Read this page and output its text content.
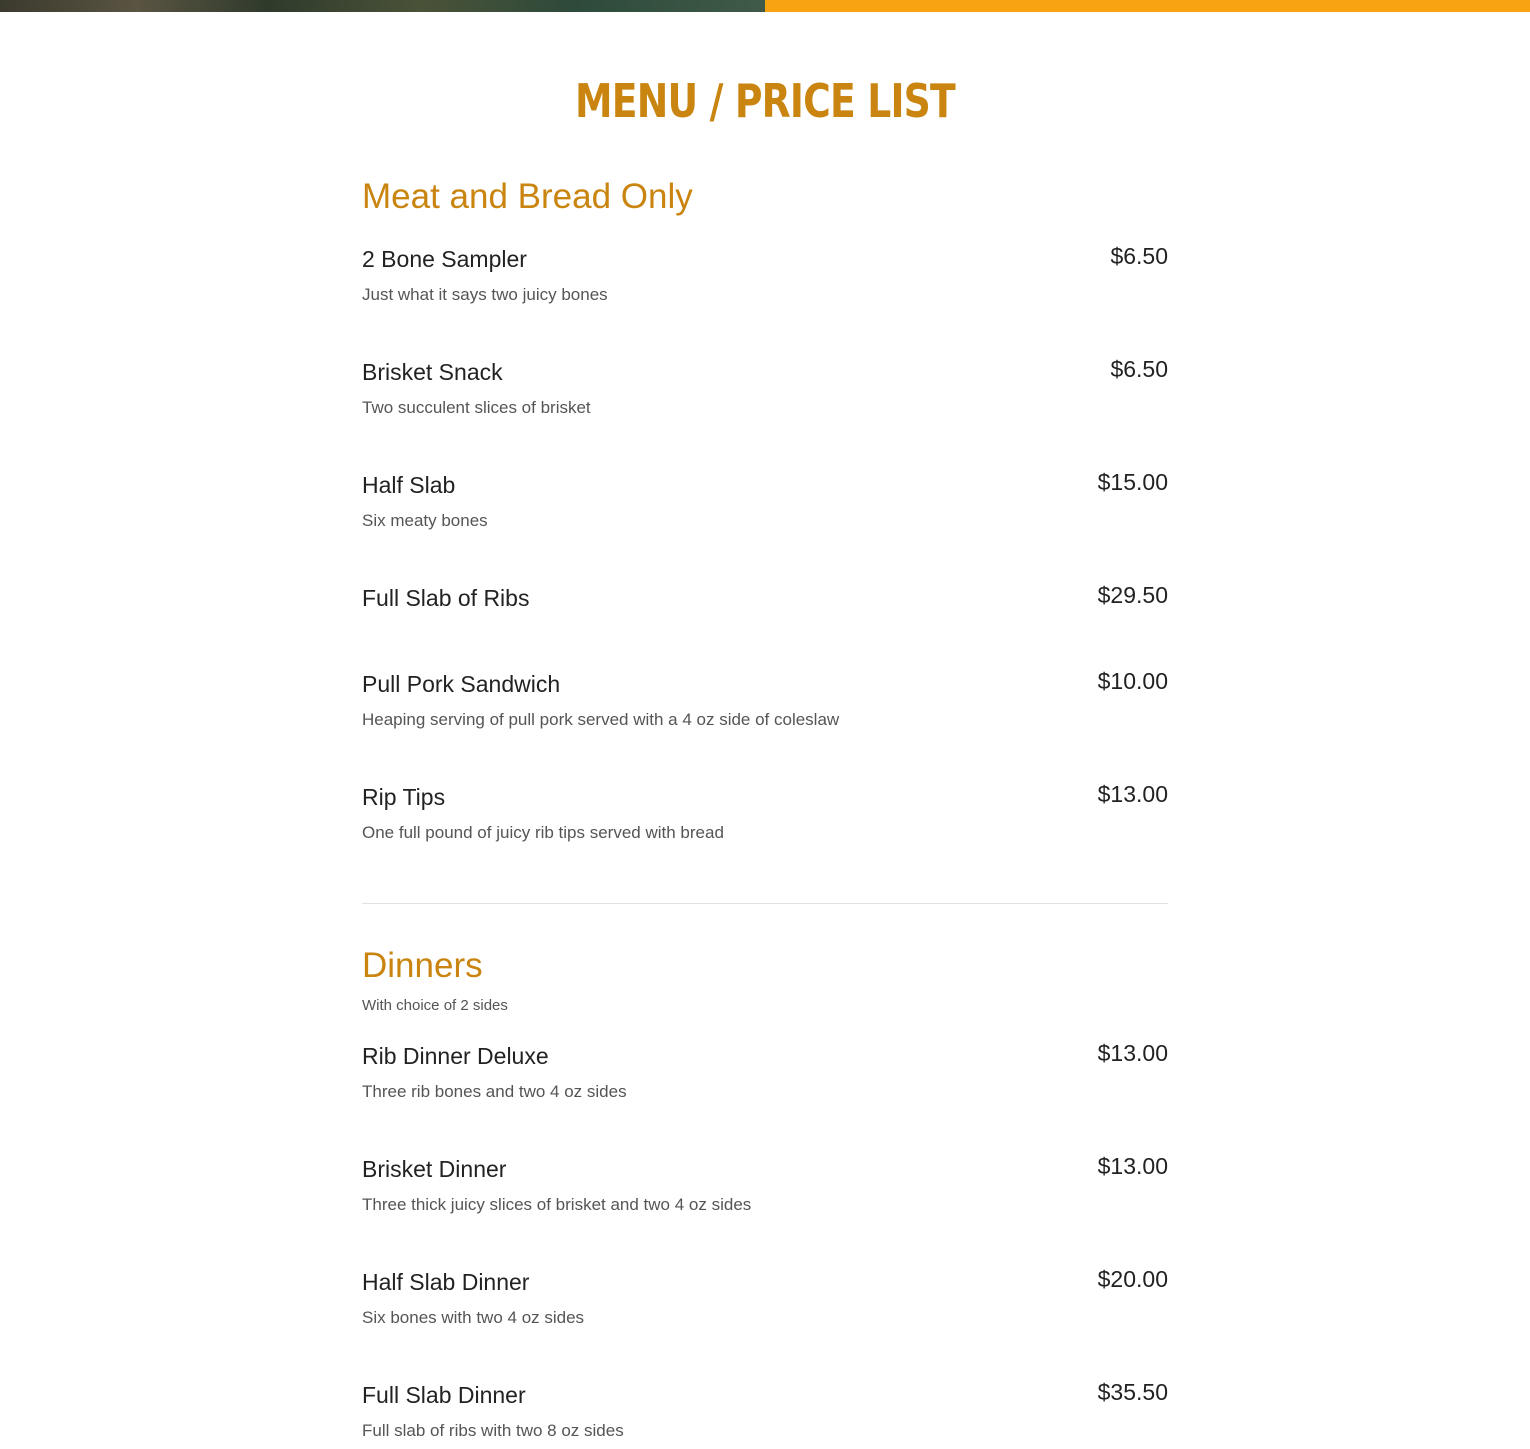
MENU / PRICE LIST
Meat and Bread Only
2 Bone Sampler	$6.50
Just what it says two juicy bones
Brisket Snack	$6.50
Two succulent slices of brisket
Half Slab	$15.00
Six meaty bones
Full Slab of Ribs	$29.50
Pull Pork Sandwich	$10.00
Heaping serving of pull pork served with a 4 oz side of coleslaw
Rip Tips	$13.00
One full pound of juicy rib tips served with bread
Dinners

With choice of 2 sides

Rib Dinner Deluxe	$13.00
Three rib bones and two 4 oz sides
Brisket Dinner	$13.00
Three thick juicy slices of brisket and two 4 oz sides
Half Slab Dinner	$20.00
Six bones with two 4 oz sides
Full Slab Dinner	$35.50
Full slab of ribs with two 8 oz sides
